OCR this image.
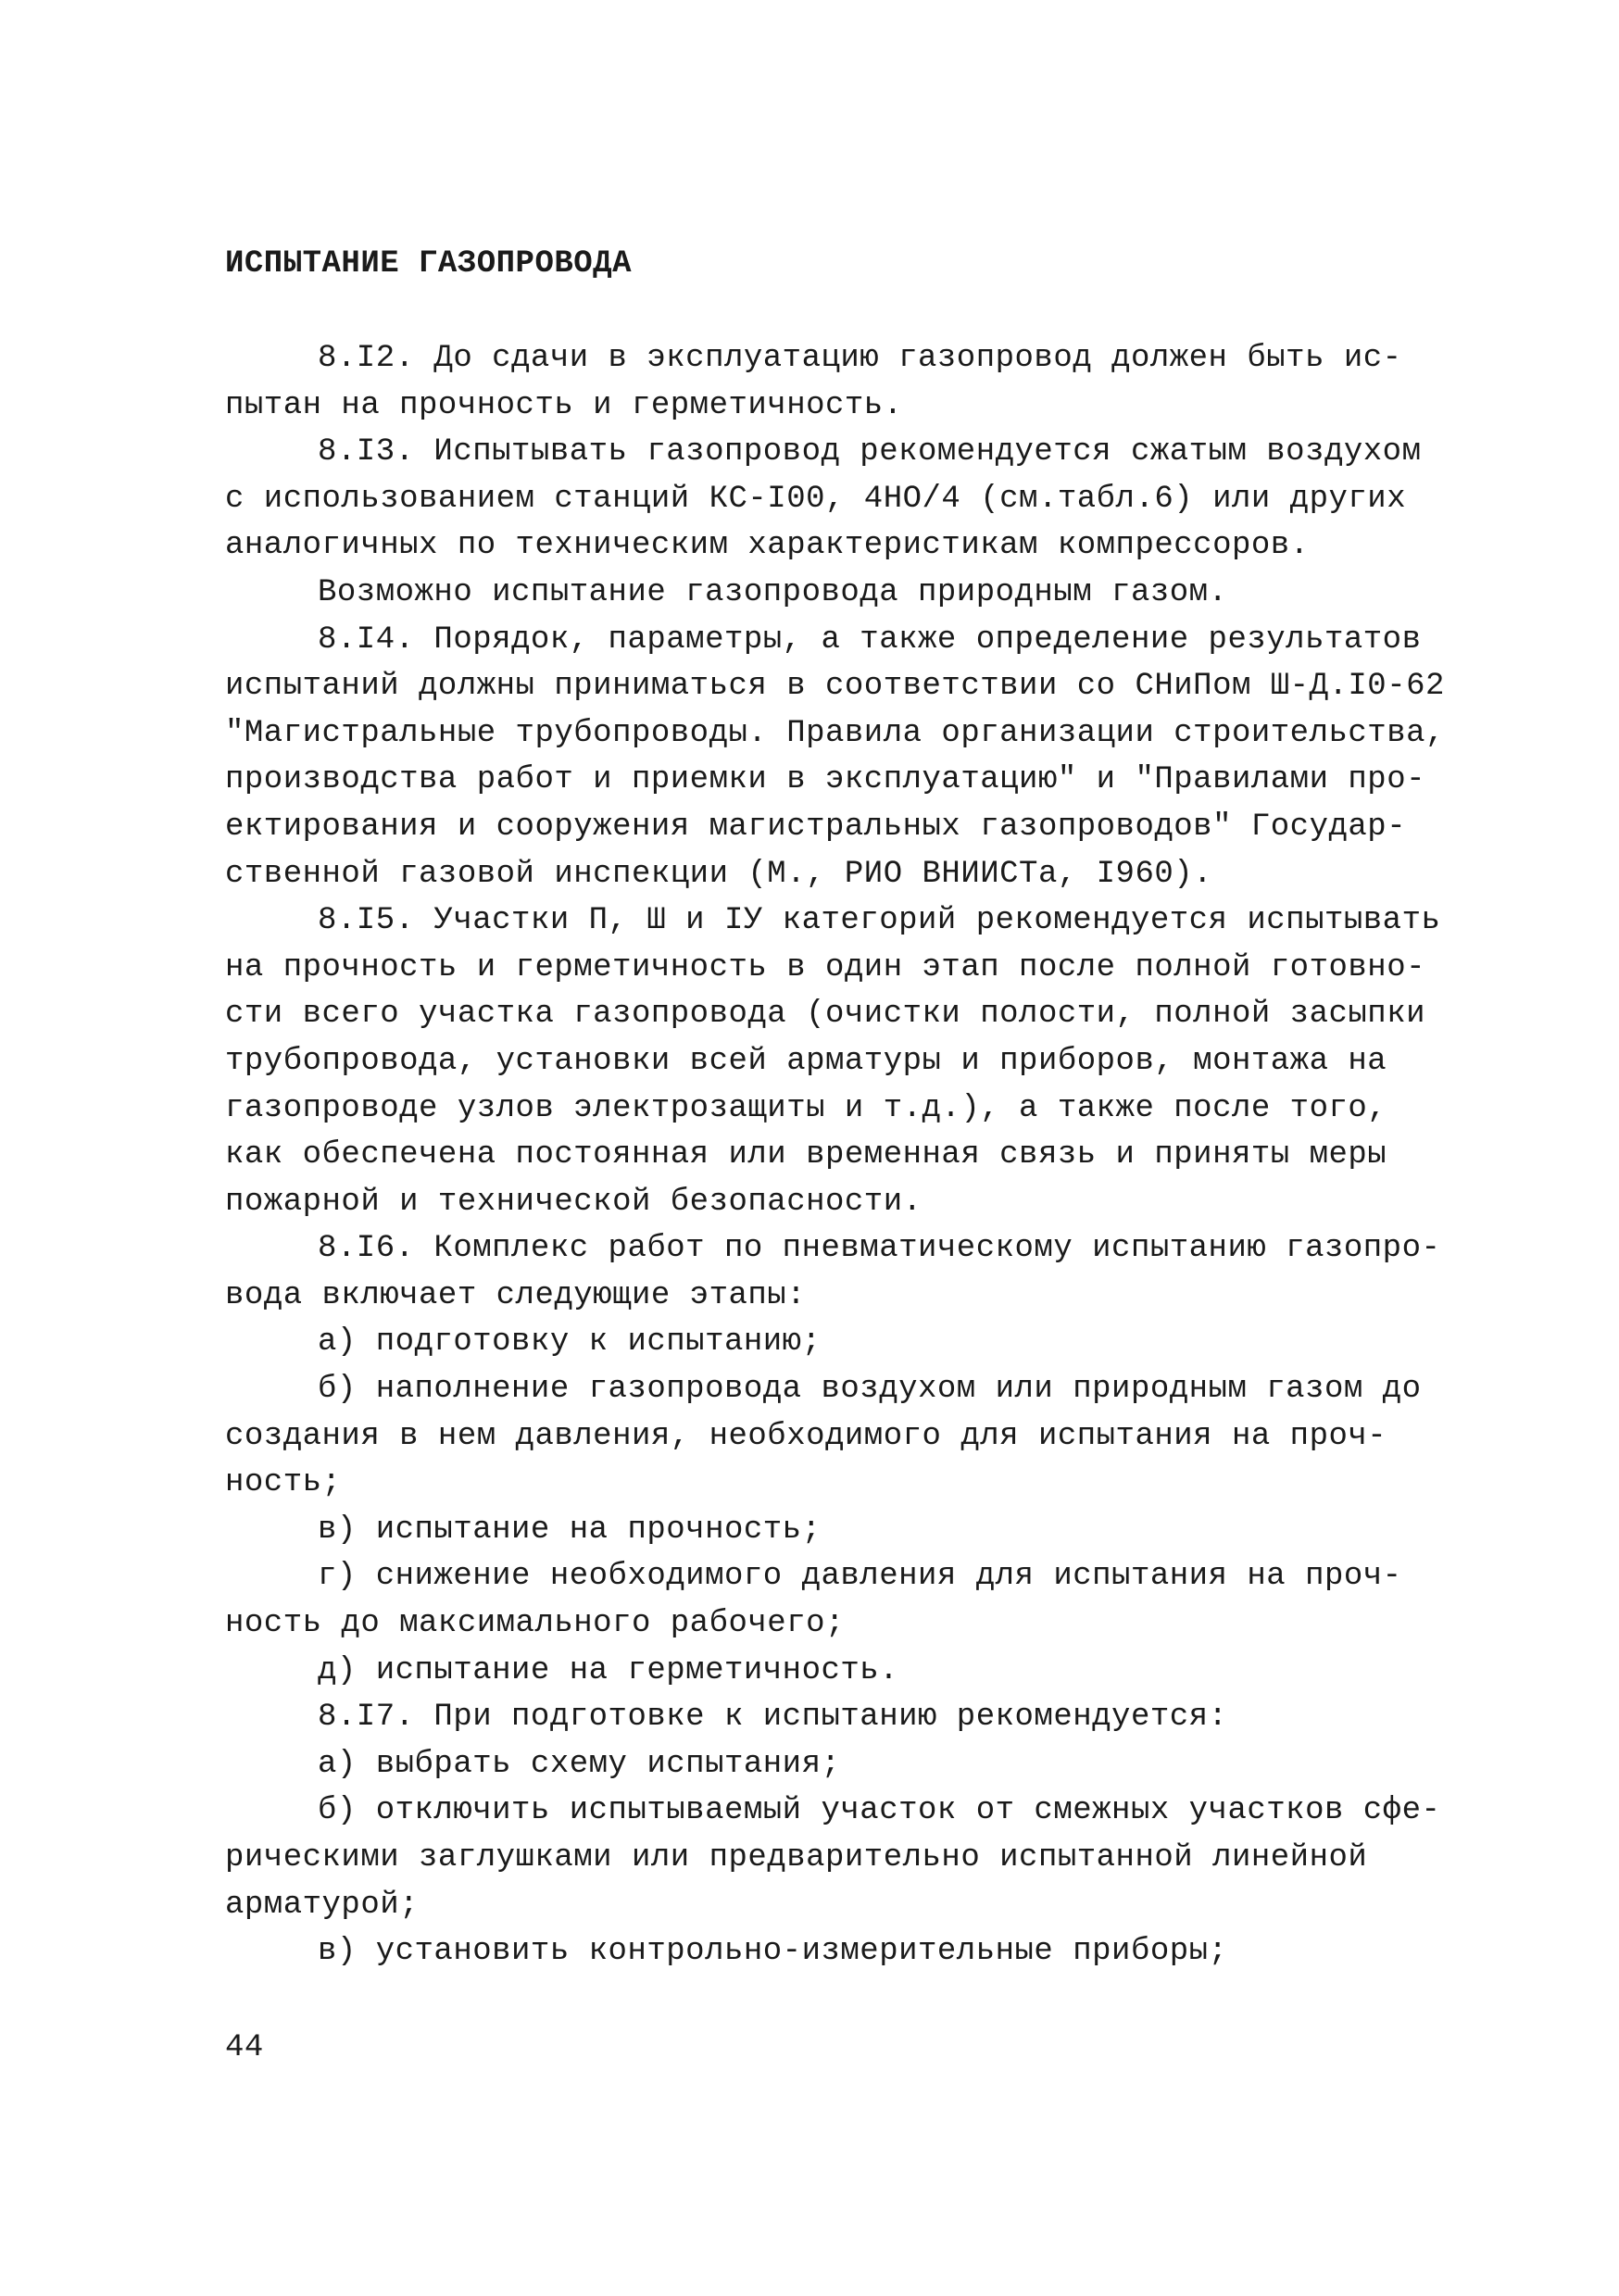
ИСПЫТАНИЕ ГАЗОПРОВОДА
8.I2. До сдачи в эксплуатацию газопровод должен быть ис-
пытан на прочность и герметичность.
8.I3. Испытывать газопровод рекомендуется сжатым воздухом
с использованием станций КС-I00, 4НО/4 (см.табл.6) или других
аналогичных по техническим характеристикам компрессоров.
Возможно испытание газопровода природным газом.
8.I4. Порядок, параметры, а также определение результатов
испытаний должны приниматься в соответствии со СНиПом Ш-Д.I0-62
"Магистральные трубопроводы. Правила организации строительства,
производства работ и приемки в эксплуатацию" и "Правилами про-
ектирования и сооружения магистральных газопроводов" Государ-
ственной газовой инспекции (М., РИО ВНИИСТа, I960).
8.I5. Участки П, Ш и IУ категорий рекомендуется испытывать
на прочность и герметичность в один этап после полной готовно-
сти всего участка газопровода (очистки полости, полной засыпки
трубопровода, установки всей арматуры и приборов, монтажа на
газопроводе узлов электрозащиты и т.д.), а также после того,
как обеспечена постоянная или временная связь и приняты меры
пожарной и технической безопасности.
8.I6. Комплекс работ по пневматическому испытанию газопро-
вода включает следующие этапы:
а) подготовку к испытанию;
б) наполнение газопровода воздухом или природным газом до
создания в нем давления, необходимого для испытания на проч-
ность;
в) испытание на прочность;
г) снижение необходимого давления для испытания на проч-
ность до максимального рабочего;
д) испытание на герметичность.
8.I7. При подготовке к испытанию рекомендуется:
а) выбрать схему испытания;
б) отключить испытываемый участок от смежных участков сфе-
рическими заглушками или предварительно испытанной линейной
арматурой;
в) установить контрольно-измерительные приборы;
44
